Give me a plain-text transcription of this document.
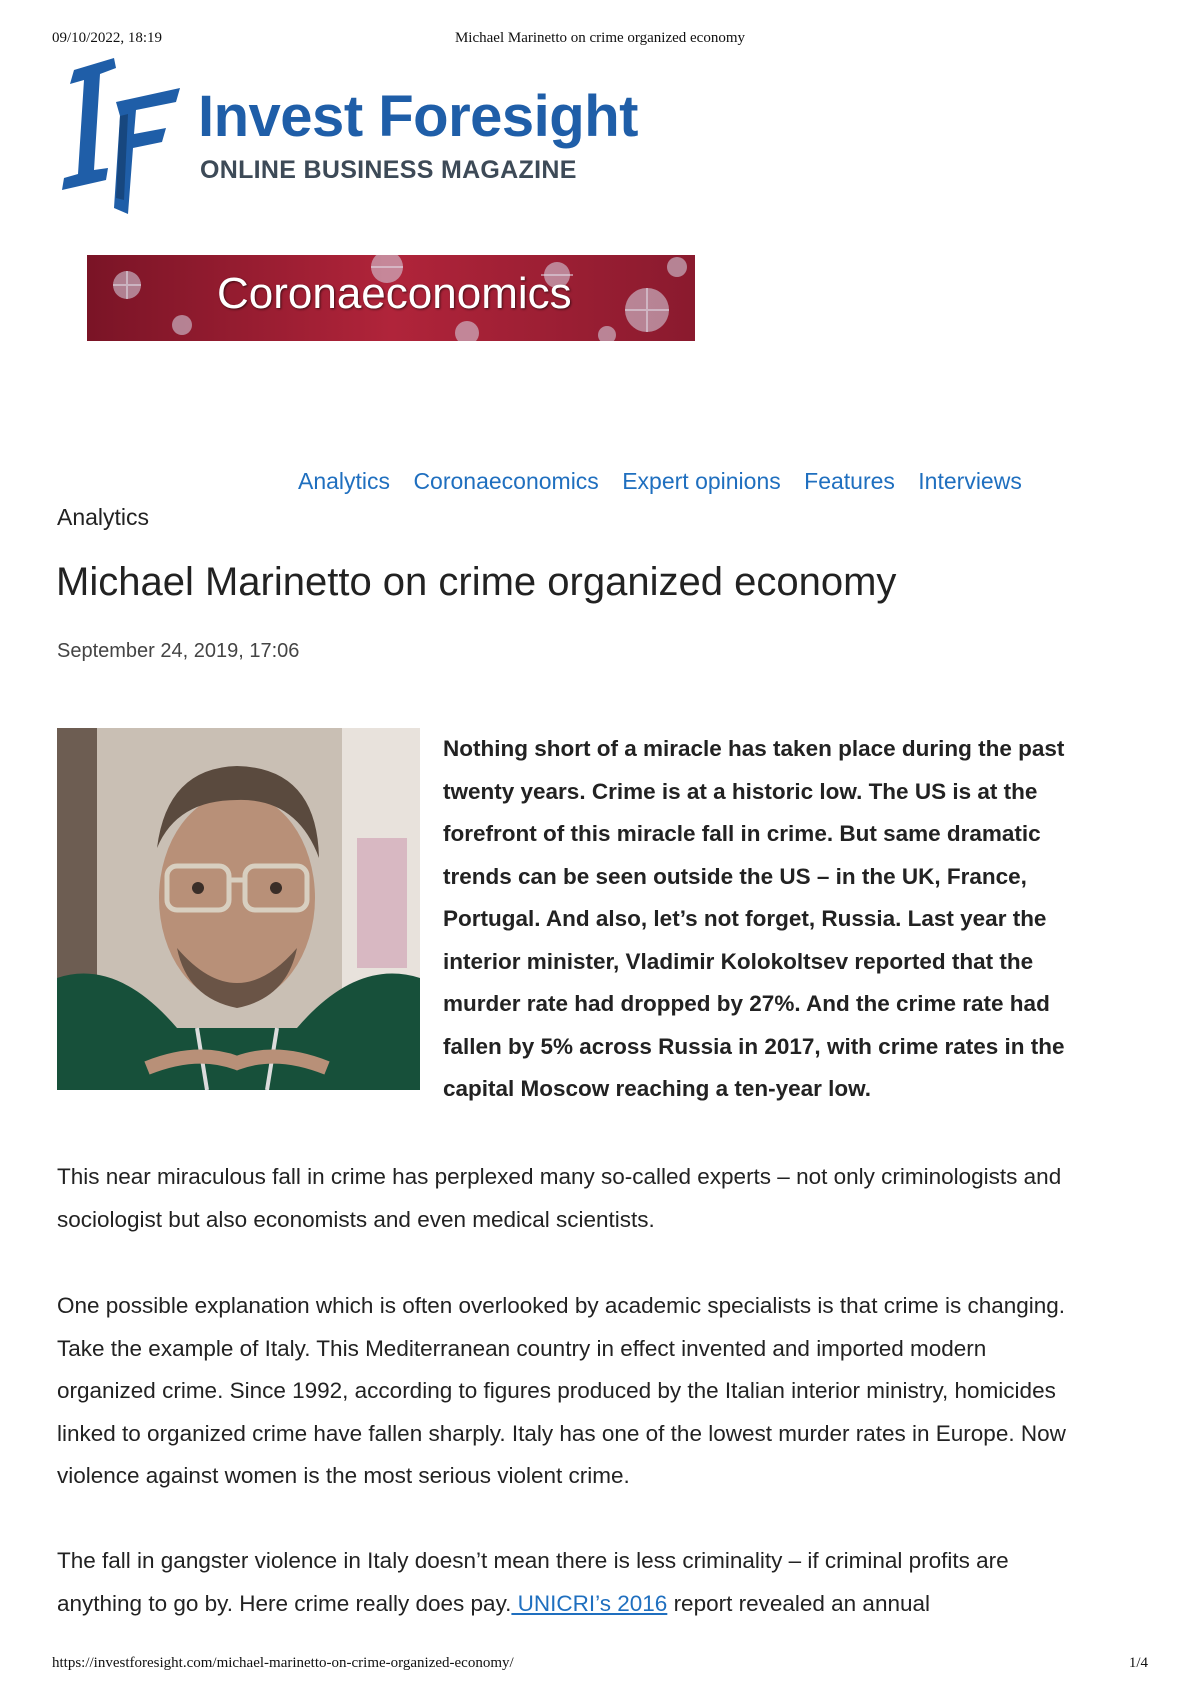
09/10/2022, 18:19	Michael Marinetto on crime organized economy
Invest Foresight
ONLINE BUSINESS MAGAZINE
Coronaeconomics
Analytics Coronaeconomics Expert opinions Features Interviews
Analytics
Michael Marinetto on crime organized economy
September 24, 2019, 17:06

Nothing short of a miracle has taken place during the past twenty years. Crime is at a historic low. The US is at the forefront of this miracle fall in crime. But same dramatic trends can be seen outside the US – in the UK, France, Portugal. And also, let’s not forget, Russia. Last year the interior minister, Vladimir Kolokoltsev reported that the murder rate had dropped by 27%. And the crime rate had fallen by 5% across Russia in 2017, with crime rates in the capital Moscow reaching a ten-year low.

This near miraculous fall in crime has perplexed many so-called experts – not only criminologists and sociologist but also economists and even medical scientists.

One possible explanation which is often overlooked by academic specialists is that crime is changing. Take the example of Italy. This Mediterranean country in effect invented and imported modern organized crime. Since 1992, according to figures produced by the Italian interior ministry, homicides linked to organized crime have fallen sharply. Italy has one of the lowest murder rates in Europe. Now violence against women is the most serious violent crime.

The fall in gangster violence in Italy doesn’t mean there is less criminality – if criminal profits are anything to go by. Here crime really does pay. UNICRI’s 2016 report revealed an annual

https://investforesight.com/michael-marinetto-on-crime-organized-economy/	1/4
